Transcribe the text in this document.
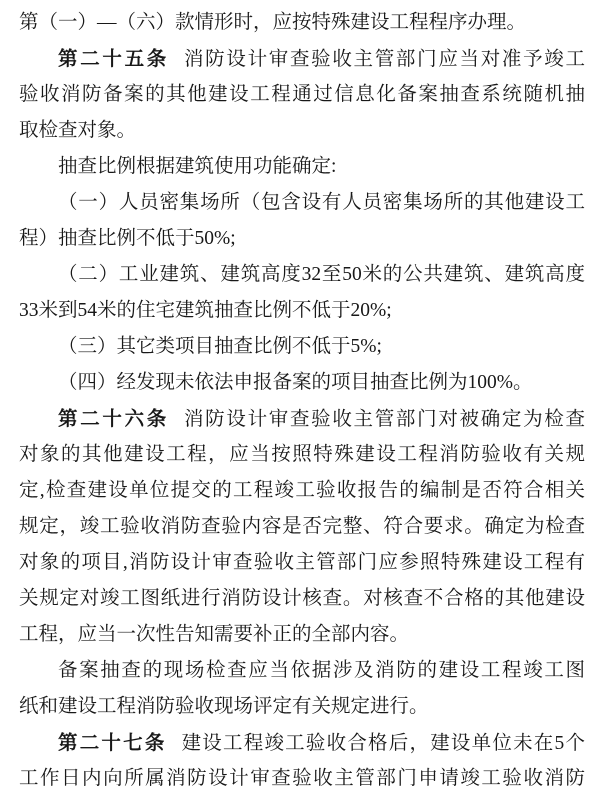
第（一）—（六）款情形时，应按特殊建设工程程序办理。
第二十五条 消防设计审查验收主管部门应当对准予竣工
验收消防备案的其他建设工程通过信息化备案抽查系统随机抽
取检查对象。
抽查比例根据建筑使用功能确定:
（一）人员密集场所（包含设有人员密集场所的其他建设工
程）抽查比例不低于50%;
（二）工业建筑、建筑高度32至50米的公共建筑、建筑高度
33米到54米的住宅建筑抽查比例不低于20%;
（三）其它类项目抽查比例不低于5%;
（四）经发现未依法申报备案的项目抽查比例为100%。
第二十六条 消防设计审查验收主管部门对被确定为检查
对象的其他建设工程，应当按照特殊建设工程消防验收有关规
定,检查建设单位提交的工程竣工验收报告的编制是否符合相关
规定，竣工验收消防查验内容是否完整、符合要求。确定为检查
对象的项目,消防设计审查验收主管部门应参照特殊建设工程有
关规定对竣工图纸进行消防设计核查。对核查不合格的其他建设
工程，应当一次性告知需要补正的全部内容。
备案抽查的现场检查应当依据涉及消防的建设工程竣工图
纸和建设工程消防验收现场评定有关规定进行。
第二十七条 建设工程竣工验收合格后，建设单位未在5个
工作日内向所属消防设计审查验收主管部门申请竣工验收消防
